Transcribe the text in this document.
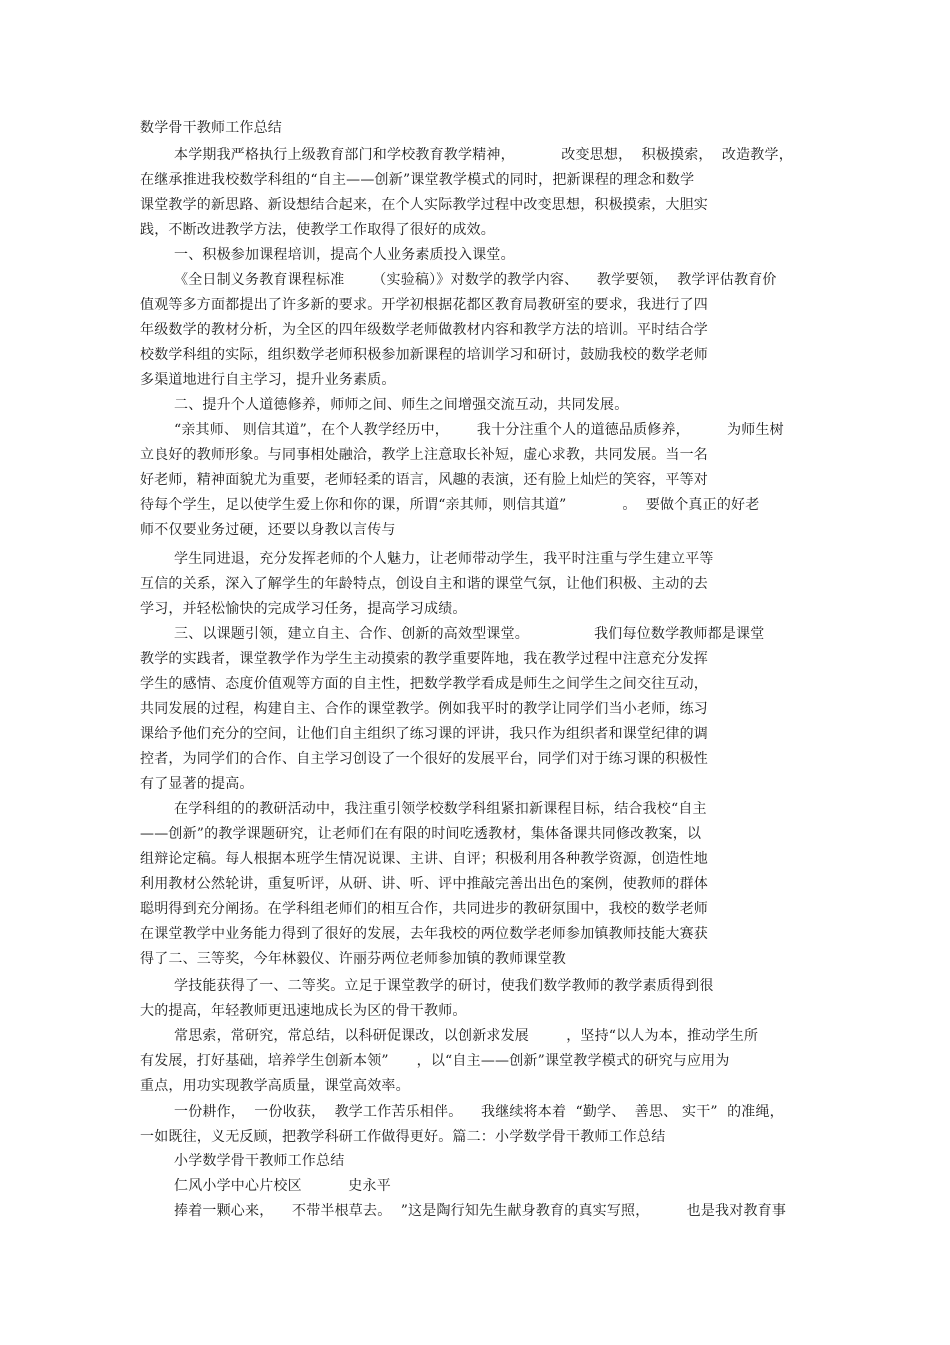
数学骨干教师工作总结
本学期我严格执行上级教育部门和学校教育教学精神，          改变思想，  积极摸索，  改造教学，
在继承推进我校数学科组的“自主——创新”课堂教学模式的同时，把新课程的理念和数学
课堂教学的新思路、新设想结合起来，在个人实际教学过程中改变思想，积极摸索，大胆实
践，不断改进教学方法，使教学工作取得了很好的成效。
一、积极参加课程培训，提高个人业务素质投入课堂。
《全日制义务教育课程标准      （实验稿）》对数学的教学内容、    教学要领，  教学评估教育价
值观等多方面都提出了许多新的要求。开学初根据花都区教育局教研室的要求，我进行了四
年级数学的教材分析，为全区的四年级数学老师做教材内容和教学方法的培训。平时结合学
校数学科组的实际，组织数学老师积极参加新课程的培训学习和研讨，鼓励我校的数学老师
多渠道地进行自主学习，提升业务素质。
二、提升个人道德修养，师师之间、师生之间增强交流互动，共同发展。
“亲其师、 则信其道”，在个人教学经历中，      我十分注重个人的道德品质修养，        为师生树
立良好的教师形象。与同事相处融洽，教学上注意取长补短，虚心求教，共同发展。当一名
好老师，精神面貌尤为重要，老师轻柔的语言，风趣的表演，还有脸上灿烂的笑容，平等对
待每个学生，足以使学生爱上你和你的课，所谓“亲其师，则信其道”            。  要做个真正的好老
师不仅要业务过硬，还要以身教以言传与
学生同进退，充分发挥老师的个人魅力，让老师带动学生，我平时注重与学生建立平等
互信的关系，深入了解学生的年龄特点，创设自主和谐的课堂气氛，让他们积极、主动的去
学习，并轻松愉快的完成学习任务，提高学习成绩。
三、以课题引领，建立自主、合作、创新的高效型课堂。              我们每位数学教师都是课堂
教学的实践者，课堂教学作为学生主动摸索的教学重要阵地，我在教学过程中注意充分发挥
学生的感情、态度价值观等方面的自主性，把数学教学看成是师生之间学生之间交往互动，
共同发展的过程，构建自主、合作的课堂教学。例如我平时的教学让同学们当小老师，练习
课给予他们充分的空间，让他们自主组织了练习课的评讲，我只作为组织者和课堂纪律的调
控者，为同学们的合作、自主学习创设了一个很好的发展平台，同学们对于练习课的积极性
有了显著的提高。
在学科组的的教研活动中，我注重引领学校数学科组紧扣新课程目标，结合我校“自主
——创新”的教学课题研究，让老师们在有限的时间吃透教材，集体备课共同修改教案，以
组辩论定稿。每人根据本班学生情况说课、主讲、自评；积极利用各种教学资源，创造性地
利用教材公然轮讲，重复听评，从研、讲、听、评中推敲完善出出色的案例，使教师的群体
聪明得到充分阐扬。在学科组老师们的相互合作，共同进步的教研氛围中，我校的数学老师
在课堂教学中业务能力得到了很好的发展，去年我校的两位数学老师参加镇教师技能大赛获
得了二、三等奖，今年林毅仪、许丽芬两位老师参加镇的教师课堂教
学技能获得了一、二等奖。立足于课堂教学的研讨，使我们数学教师的教学素质得到很
大的提高，年轻教师更迅速地成长为区的骨干教师。
常思索，常研究，常总结，以科研促课改，以创新求发展        ，坚持“以人为本，推动学生所
有发展，打好基础，培养学生创新本领”      ，以“自主——创新”课堂教学模式的研究与应用为
重点，用功实现教学高质量，课堂高效率。
一份耕作，  一份收获，  教学工作苦乐相伴。    我继续将本着  “勤学、  善思、 实干”  的准绳，
一如既往，义无反顾，把教学科研工作做得更好。篇二：小学数学骨干教师工作总结
小学数学骨干教师工作总结
仁风小学中心片校区          史永平
捧着一颗心来，    不带半根草去。  ”这是陶行知先生献身教育的真实写照，        也是我对教育事
